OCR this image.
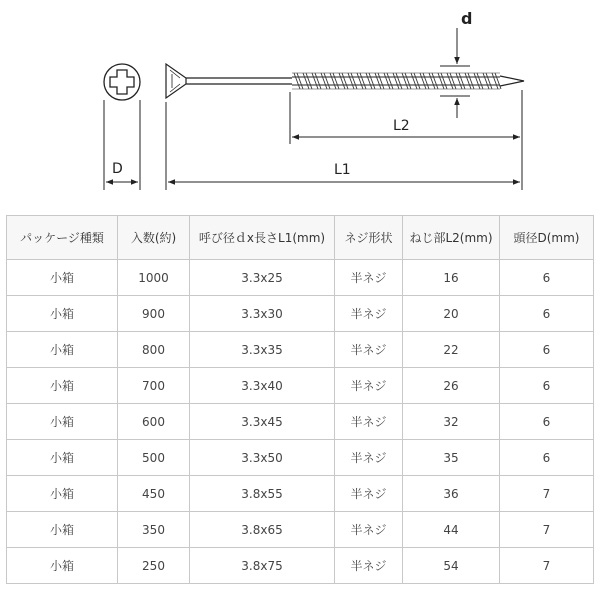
D
d
L2
L1
パッケージ種類	入数(約)	呼び径ｄx長さL1(mm)	ネジ形状	ねじ部L2(mm)	頭径D(mm)
小箱	1000	3.3x25	半ネジ	16	6
小箱	900	3.3x30	半ネジ	20	6
小箱	800	3.3x35	半ネジ	22	6
小箱	700	3.3x40	半ネジ	26	6
小箱	600	3.3x45	半ネジ	32	6
小箱	500	3.3x50	半ネジ	35	6
小箱	450	3.8x55	半ネジ	36	7
小箱	350	3.8x65	半ネジ	44	7
小箱	250	3.8x75	半ネジ	54	7
